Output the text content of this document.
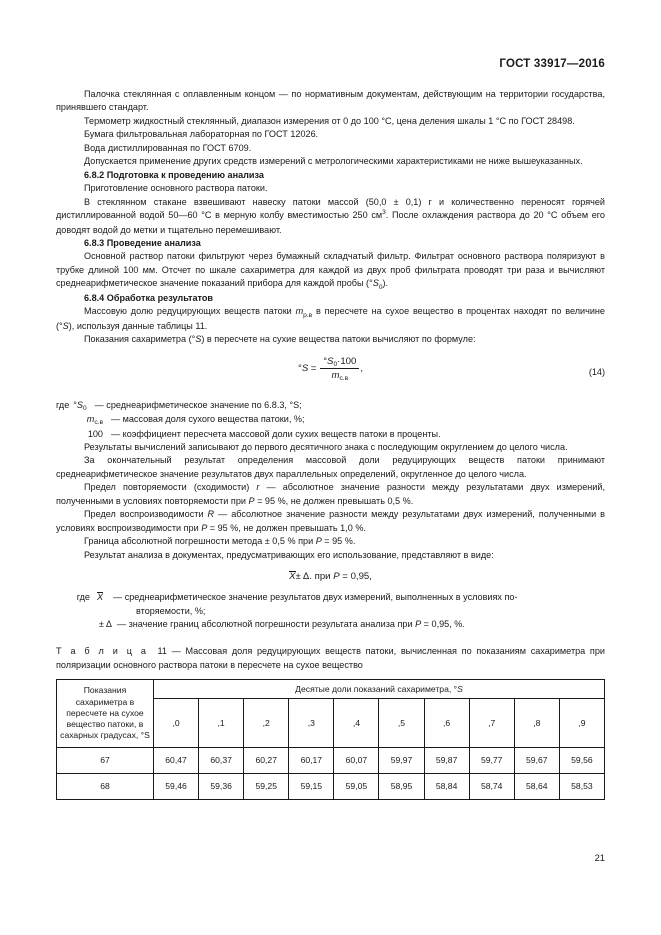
ГОСТ 33917—2016

Палочка стеклянная с оплавленным концом — по нормативным документам, действующим на территории государства, принявшего стандарт.

Термометр жидкостный стеклянный, диапазон измерения от 0 до 100 °C, цена деления шкалы 1 °C по ГОСТ 28498.

Бумага фильтровальная лабораторная по ГОСТ 12026.

Вода дистиллированная по ГОСТ 6709.

Допускается применение других средств измерений с метрологическими характеристиками не ниже вышеуказанных.

6.8.2 Подготовка к проведению анализа

Приготовление основного раствора патоки.

В стеклянном стакане взвешивают навеску патоки массой (50,0 ± 0,1) г и количественно переносят горячей дистиллированной водой 50—60 °C в мерную колбу вместимостью 250 $см^3$. После охлаждения раствора до 20 °C объем его доводят водой до метки и тщательно перемешивают.

6.8.3 Проведение анализа

Основной раствор патоки фильтруют через бумажный складчатый фильтр. Фильтрат основного раствора поляризуют в трубке длиной 100 мм. Отсчет по шкале сахариметра для каждой из двух проб фильтрата проводят три раза и вычисляют среднеарифметическое значение показаний прибора для каждой пробы $(^\circ S_0)$.

6.8.4 Обработка результатов

Массовую долю редуцирующих веществ патоки $m_{р.в}$ в пересчете на сухое вещество в процентах находят по величине (°S), используя данные таблицы 11.

Показания сахариметра (°S) в пересчете на сухие вещества патоки вычисляют по формуле:

$^\circ S = \frac{^\circ S_0\cdot 100}{m_{с.в}}$ ,	(14)
где $^\circ S_0$ — среднеарифметическое значение по 6.8.3, °S;
$m_{с.в}$ — массовая доля сухого вещества патоки, %;
100 — коэффициент пересчета массовой доли сухих веществ патоки в проценты.

Результаты вычислений записывают до первого десятичного знака с последующим округлением до целого числа.

За окончательный результат определения массовой доли редуцирующих веществ патоки принимают среднеарифметическое значение результатов двух параллельных определений, округленное до целого числа.

Предел повторяемости (сходимости) r — абсолютное значение разности между результатами двух измерений, полученными в условиях повторяемости при P = 95 %, не должен превышать 0,5 %.

Предел воспроизводимости R — абсолютное значение разности между результатами двух измерений, полученными в условиях воспроизводимости при P = 95 %, не должен превышать 1,0 %.

Граница абсолютной погрешности метода ± 0,5 % при P = 95 %.

Результат анализа в документах, предусматривающих его использование, представляют в виде:

X± Δ. при P = 0,95,
где X	— среднеарифметическое значение результатов двух измерений, выполненных в условиях по-
вторяемости, %;
± Δ — значение границ абсолютной погрешности результата анализа при P = 0,95, %.
Т а б л и ц а 11 — Массовая доля редуцирующих веществ патоки, вычисленная по показаниям сахариметра при поляризации основного раствора патоки в пересчете на сухое вещество
Показания сахариметра в пересчете на сухое вещество патоки, в сахарных градусах, °S	Десятые доли показаний сахариметра, °S									
	,0	,1	,2	,3	,4	,5	,6	,7	,8	,9
67	60,47	60,37	60,27	60,17	60,07	59,97	59,87	59,77	59,67	59,56
68	59,46	59,36	59,25	59,15	59,05	58,95	58,84	58,74	58,64	58,53
21
